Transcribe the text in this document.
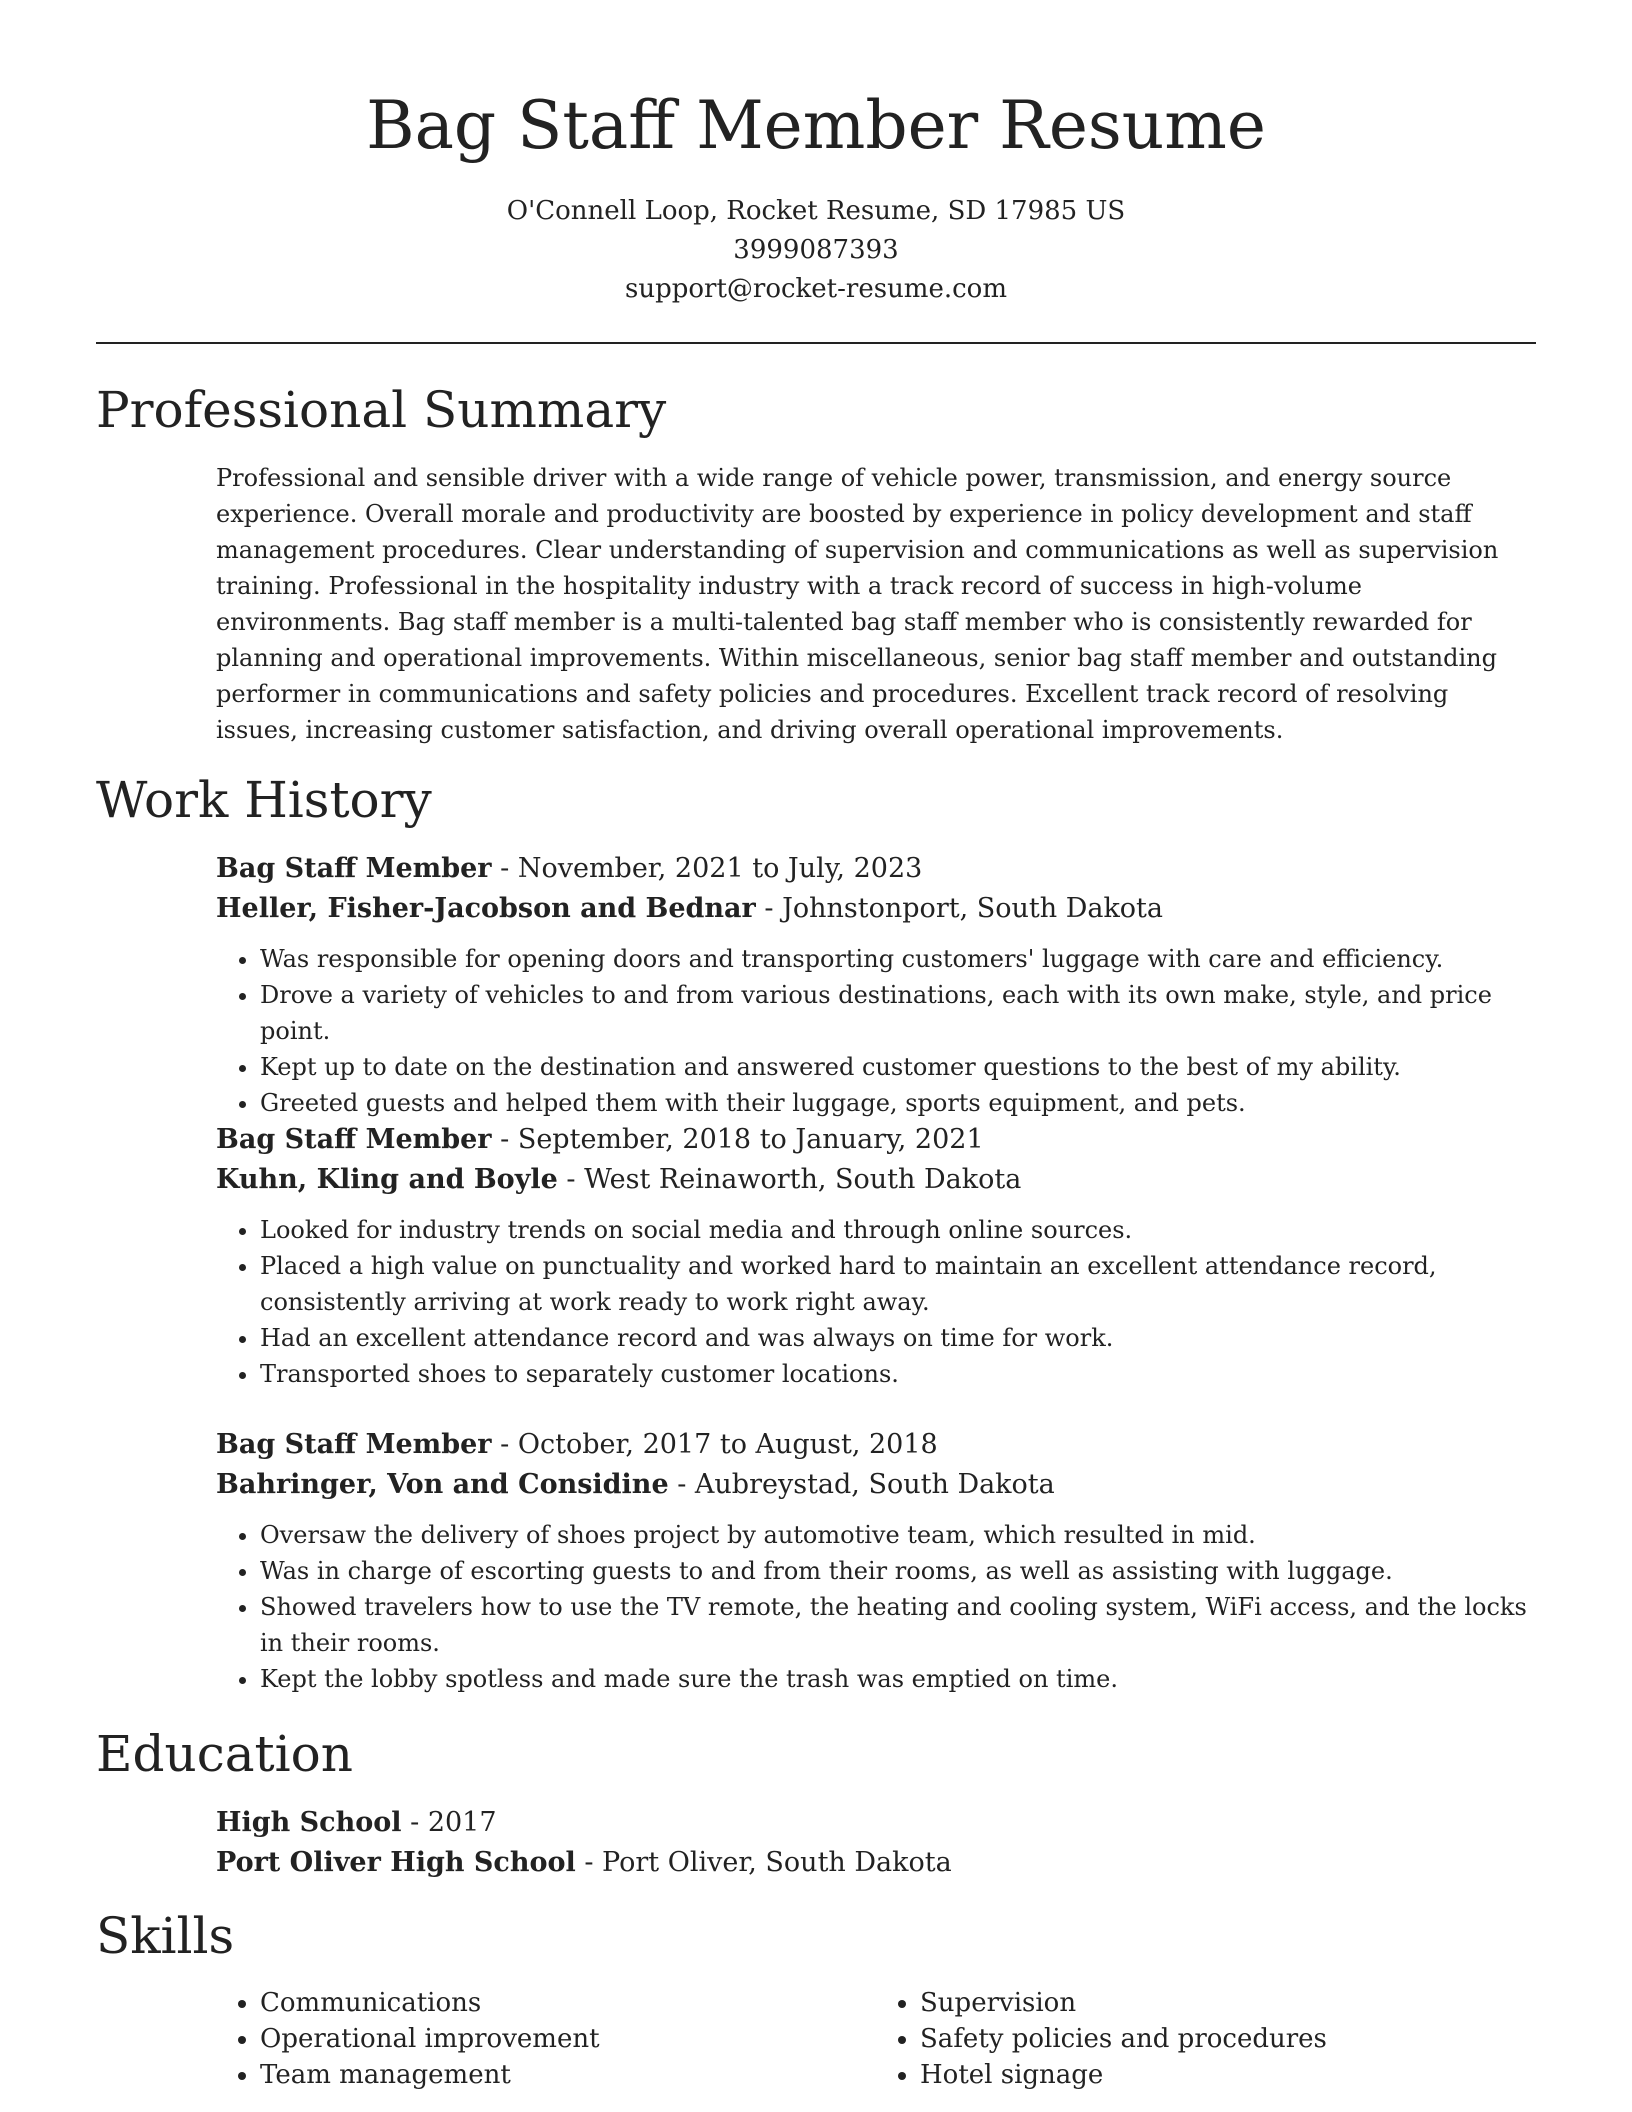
Bag Staff Member Resume
O'Connell Loop, Rocket Resume, SD 17985 US
3999087393
support@rocket-resume.com
Professional Summary

Professional and sensible driver with a wide range of vehicle power, transmission, and energy source experience. Overall morale and productivity are boosted by experience in policy development and staff management procedures. Clear understanding of supervision and communications as well as supervision training. Professional in the hospitality industry with a track record of success in high-volume environments. Bag staff member is a multi-talented bag staff member who is consistently rewarded for planning and operational improvements. Within miscellaneous, senior bag staff member and outstanding performer in communications and safety policies and procedures. Excellent track record of resolving issues, increasing customer satisfaction, and driving overall operational improvements.

Work History
Bag Staff Member - November, 2021 to July, 2023
Heller, Fisher-Jacobson and Bednar - Johnstonport, South Dakota
• Was responsible for opening doors and transporting customers' luggage with care and efficiency.
• Drove a variety of vehicles to and from various destinations, each with its own make, style, and price point.
• Kept up to date on the destination and answered customer questions to the best of my ability.
• Greeted guests and helped them with their luggage, sports equipment, and pets.
Bag Staff Member - September, 2018 to January, 2021
Kuhn, Kling and Boyle - West Reinaworth, South Dakota
• Looked for industry trends on social media and through online sources.
• Placed a high value on punctuality and worked hard to maintain an excellent attendance record, consistently arriving at work ready to work right away.
• Had an excellent attendance record and was always on time for work.
• Transported shoes to separately customer locations.
Bag Staff Member - October, 2017 to August, 2018
Bahringer, Von and Considine - Aubreystad, South Dakota
• Oversaw the delivery of shoes project by automotive team, which resulted in mid.
• Was in charge of escorting guests to and from their rooms, as well as assisting with luggage.
• Showed travelers how to use the TV remote, the heating and cooling system, WiFi access, and the locks in their rooms.
• Kept the lobby spotless and made sure the trash was emptied on time.
Education
High School - 2017
Port Oliver High School - Port Oliver, South Dakota
Skills
• Communications
• Operational improvement
• Team management
• Supervision
• Safety policies and procedures
• Hotel signage
